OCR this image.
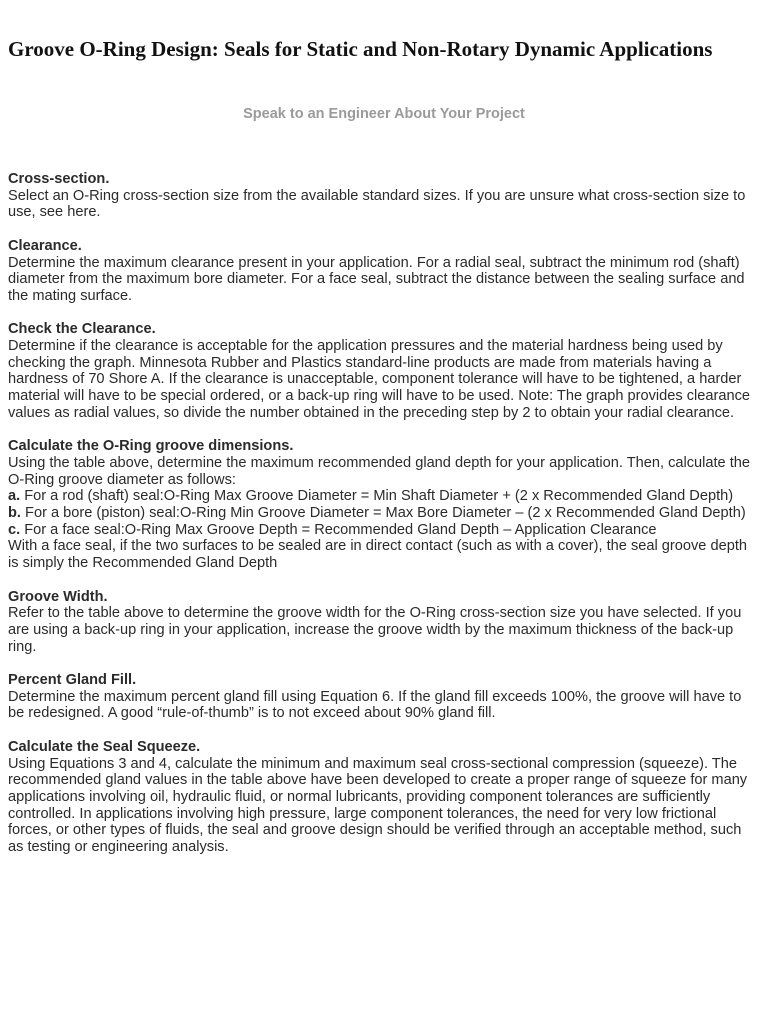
Groove O-Ring Design: Seals for Static and Non-Rotary Dynamic Applications
Speak to an Engineer About Your Project
Cross-section.
Select an O-Ring cross-section size from the available standard sizes. If you are unsure what cross-section size to use, see here.
Clearance.
Determine the maximum clearance present in your application. For a radial seal, subtract the minimum rod (shaft) diameter from the maximum bore diameter. For a face seal, subtract the distance between the sealing surface and the mating surface.
Check the Clearance.
Determine if the clearance is acceptable for the application pressures and the material hardness being used by checking the graph. Minnesota Rubber and Plastics standard-line products are made from materials having a hardness of 70 Shore A. If the clearance is unacceptable, component tolerance will have to be tightened, a harder material will have to be special ordered, or a back-up ring will have to be used. Note: The graph provides clearance values as radial values, so divide the number obtained in the preceding step by 2 to obtain your radial clearance.
Calculate the O-Ring groove dimensions.
Using the table above, determine the maximum recommended gland depth for your application. Then, calculate the O-Ring groove diameter as follows:

a. For a rod (shaft) seal:O-Ring Max Groove Diameter = Min Shaft Diameter + (2 x Recommended Gland Depth)

b. For a bore (piston) seal:O-Ring Min Groove Diameter = Max Bore Diameter – (2 x Recommended Gland Depth)

c. For a face seal:O-Ring Max Groove Depth = Recommended Gland Depth – Application Clearance

With a face seal, if the two surfaces to be sealed are in direct contact (such as with a cover), the seal groove depth is simply the Recommended Gland Depth
Groove Width.
Refer to the table above to determine the groove width for the O-Ring cross-section size you have selected. If you are using a back-up ring in your application, increase the groove width by the maximum thickness of the back-up ring.
Percent Gland Fill.
Determine the maximum percent gland fill using Equation 6. If the gland fill exceeds 100%, the groove will have to be redesigned. A good “rule-of-thumb” is to not exceed about 90% gland fill.
Calculate the Seal Squeeze.
Using Equations 3 and 4, calculate the minimum and maximum seal cross-sectional compression (squeeze). The recommended gland values in the table above have been developed to create a proper range of squeeze for many applications involving oil, hydraulic fluid, or normal lubricants, providing component tolerances are sufficiently controlled. In applications involving high pressure, large component tolerances, the need for very low frictional forces, or other types of fluids, the seal and groove design should be verified through an acceptable method, such as testing or engineering analysis.
